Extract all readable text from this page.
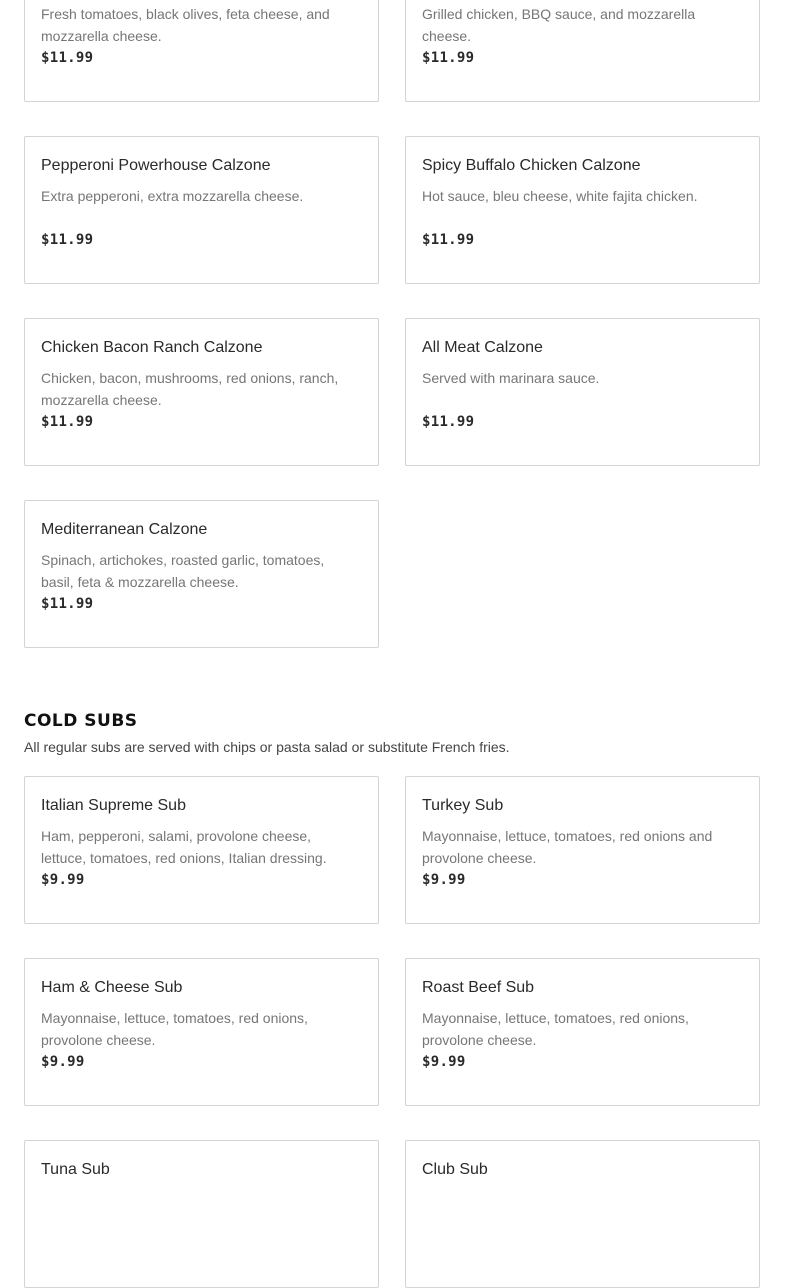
Fresh tomatoes, black olives, feta cheese, and mozzarella cheese.
$11.99
Grilled chicken, BBQ sauce, and mozzarella cheese.
$11.99
Pepperoni Powerhouse Calzone
Extra pepperoni, extra mozzarella cheese.
$11.99
Spicy Buffalo Chicken Calzone
Hot sauce, bleu cheese, white fajita chicken.
$11.99
Chicken Bacon Ranch Calzone
Chicken, bacon, mushrooms, red onions, ranch, mozzarella cheese.
$11.99
All Meat Calzone
Served with marinara sauce.
$11.99
Mediterranean Calzone
Spinach, artichokes, roasted garlic, tomatoes, basil, feta & mozzarella cheese.
$11.99
COLD SUBS
All regular subs are served with chips or pasta salad or substitute French fries.
Italian Supreme Sub
Ham, pepperoni, salami, provolone cheese, lettuce, tomatoes, red onions, Italian dressing.
$9.99
Turkey Sub
Mayonnaise, lettuce, tomatoes, red onions and provolone cheese.
$9.99
Ham & Cheese Sub
Mayonnaise, lettuce, tomatoes, red onions, provolone cheese.
$9.99
Roast Beef Sub
Mayonnaise, lettuce, tomatoes, red onions, provolone cheese.
$9.99
Tuna Sub	Club Sub
